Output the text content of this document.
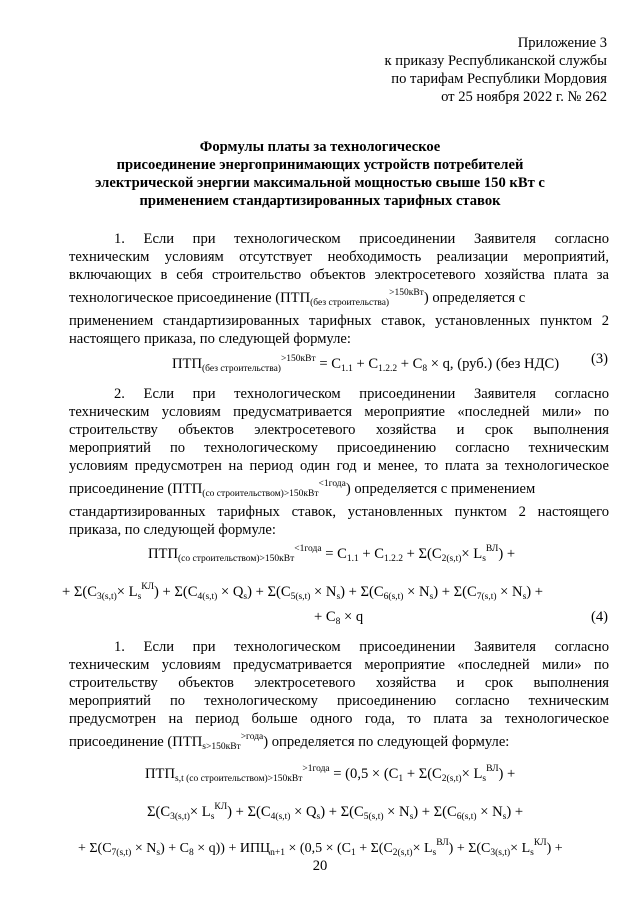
Приложение 3
к приказу Республиканской службы
по тарифам Республики Мордовия
от 25 ноября 2022 г. № 262
Формулы платы за технологическое
присоединение энергопринимающих устройств потребителей
электрической энергии максимальной мощностью свыше 150 кВт с
применением стандартизированных тарифных ставок
1. Если при технологическом присоединении Заявителя согласно
техническим условиям отсутствует необходимость реализации мероприятий,
включающих в себя строительство объектов электросетевого хозяйства плата за
технологическое присоединение $(ПТП_{(без строительства)}^{>150кВт})$ определяется с
применением стандартизированных тарифных ставок, установленных пунктом 2
настоящего приказа, по следующей формуле:
$ПТП_{(без строительства)}^{>150кВт} = С_{1.1} + С_{1.2.2} + С_8 \times q$, (руб.) (без НДС) (3)
2. Если при технологическом присоединении Заявителя согласно
техническим условиям предусматривается мероприятие «последней мили» по
строительству объектов электросетевого хозяйства и срок выполнения
мероприятий по технологическому присоединению согласно техническим
условиям предусмотрен на период один год и менее, то плата за технологическое
присоединение $(ПТП_{(со строительством)>150кВт}^{<1года})$ определяется с применением
стандартизированных тарифных ставок, установленных пунктом 2 настоящего
приказа, по следующей формуле:
$ПТП_{(со строительством)>150кВт}^{<1года} = С_{1.1} + С_{1.2.2} + \Sigma(С_{2(s,t)}\times L_s^{ВЛ})$ +
+ $\Sigma(С_{3(s,t)}\times L_s^{КЛ}) + \Sigma(С_{4(s,t)} \times Q_s) + \Sigma(С_{5(s,t)} \times N_s) + \Sigma(С_{6(s,t)} \times N_s) + \Sigma(С_{7(s,t)} \times N_s)$ +
+ $С_8 \times q$	(4)
1. Если при технологическом присоединении Заявителя согласно
техническим условиям предусматривается мероприятие «последней мили» по
строительству объектов электросетевого хозяйства и срок выполнения
мероприятий по технологическому присоединению согласно техническим
предусмотрен на период больше одного года, то плата за технологическое
присоединение $(ПТП_{s>150кВт}^{>года})$ определяется по следующей формуле:
$ПТП_{s,t (со строительством)>150кВт}^{>1года} = (0,5 \times (С_1 + \Sigma(С_{2(s,t)}\times L_s^{ВЛ})$ +
$\Sigma(С_{3(s,t)}\times L_s^{КЛ}) + \Sigma(С_{4(s,t)} \times Q_s) + \Sigma(С_{5(s,t)} \times N_s) + \Sigma(С_{6(s,t)} \times N_s)$ +
+ $\Sigma(С_{7(s,t)} \times N_s) + С_8 \times q)) + ИПЦ_{n+1} \times (0,5 \times (С_1 + \Sigma(С_{2(s,t)}\times L_s^{ВЛ}) + \Sigma(С_{3(s,t)}\times L_s^{КЛ})$ +
20
